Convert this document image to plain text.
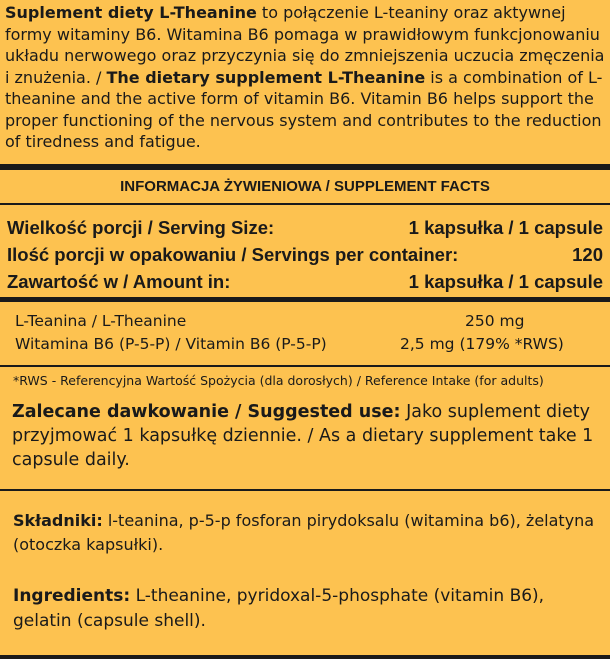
Suplement diety L-Theanine to połączenie L-teaniny oraz aktywnej formy witaminy B6. Witamina B6 pomaga w prawidłowym funkcjonowaniu układu nerwowego oraz przyczynia się do zmniejszenia uczucia zmęczenia i znużenia. / The dietary supplement L-Theanine is a combination of L-theanine and the active form of vitamin B6. Vitamin B6 helps support the proper functioning of the nervous system and contributes to the reduction of tiredness and fatigue.
INFORMACJA ŻYWIENIOWA / SUPPLEMENT FACTS
Wielkość porcji / Serving Size:	1 kapsułka / 1 capsule
Ilość porcji w opakowaniu / Servings per container:	120
Zawartość w / Amount in:	1 kapsułka / 1 capsule
L-Teanina / L-Theanine	250 mg
Witamina B6 (P-5-P) / Vitamin B6 (P-5-P)	2,5 mg (179% *RWS)
*RWS - Referencyjna Wartość Spożycia (dla dorosłych) / Reference Intake (for adults)
Zalecane dawkowanie / Suggested use: Jako suplement diety przyjmować 1 kapsułkę dziennie. / As a dietary supplement take 1 capsule daily.
Składniki: l-teanina, p-5-p fosforan pirydoksalu (witamina b6), żelatyna (otoczka kapsułki).
Ingredients: L-theanine, pyridoxal-5-phosphate (vitamin B6), gelatin (capsule shell).
